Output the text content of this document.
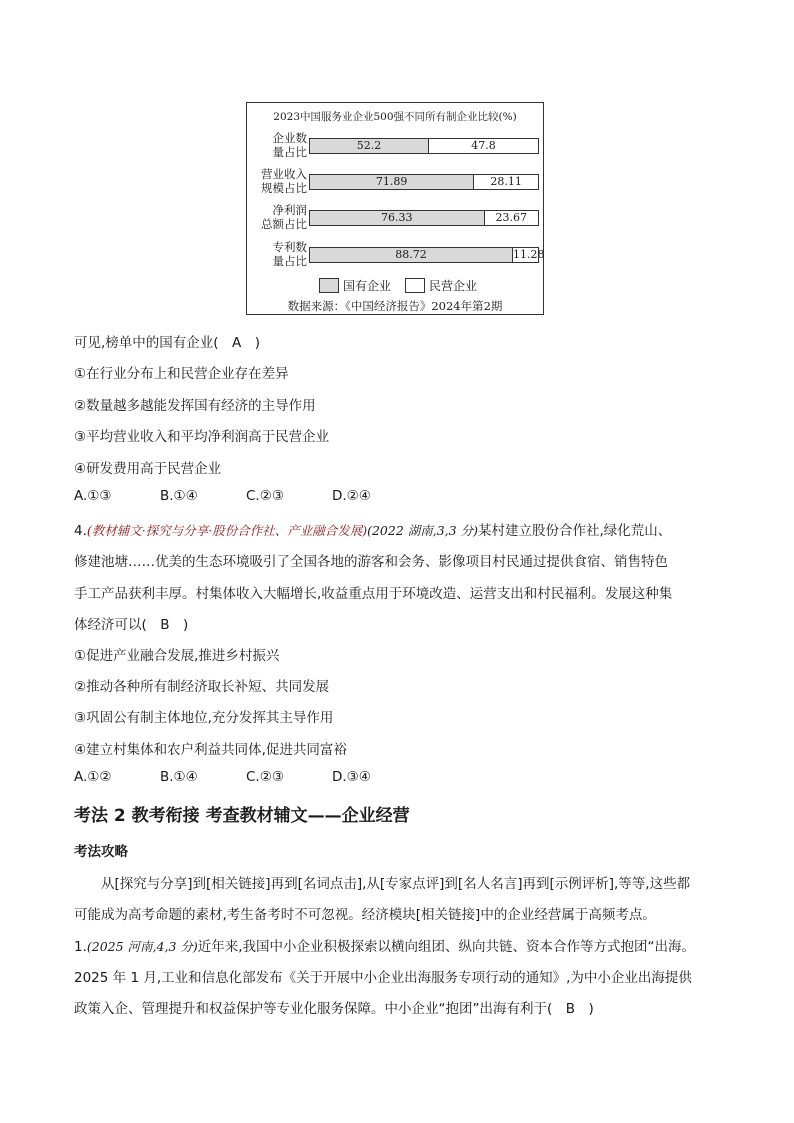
2023中国服务业企业500强不同所有制企业比较(%)
企业数
量占比	52.2	47.8
营业收入
规模占比	71.89	28.11
净利润
总额占比	76.33	23.67
专利数
量占比	88.72	11.28
国有企业	民营企业
数据来源：《中国经济报告》2024年第2期
可见,榜单中的国有企业(　A　)
①在行业分布上和民营企业存在差异
②数量越多越能发挥国有经济的主导作用
③平均营业收入和平均净利润高于民营企业
④研发费用高于民营企业
A.①③	B.①④	C.②③	D.②④
4.(教材辅文·探究与分享·股份合作社、产业融合发展)(2022 湖南,3,3 分)某村建立股份合作社,绿化荒山、
修建池塘……优美的生态环境吸引了全国各地的游客和会务、影像项目村民通过提供食宿、销售特色
手工产品获利丰厚。村集体收入大幅增长,收益重点用于环境改造、运营支出和村民福利。发展这种集
体经济可以(　B　)
①促进产业融合发展,推进乡村振兴
②推动各种所有制经济取长补短、共同发展
③巩固公有制主体地位,充分发挥其主导作用
④建立村集体和农户利益共同体,促进共同富裕
A.①②	B.①④	C.②③	D.③④
考法 2 教考衔接 考查教材辅文——企业经营
考法攻略
从[探究与分享]到[相关链接]再到[名词点击],从[专家点评]到[名人名言]再到[示例评析],等等,这些都
可能成为高考命题的素材,考生备考时不可忽视。经济模块[相关链接]中的企业经营属于高频考点。
1.(2025 河南,4,3 分)近年来,我国中小企业积极探索以横向组团、纵向共链、资本合作等方式抱团“出海。
2025 年 1 月,工业和信息化部发布《关于开展中小企业出海服务专项行动的通知》,为中小企业出海提供
政策入企、管理提升和权益保护等专业化服务保障。中小企业“抱团”出海有利于(　B　)
